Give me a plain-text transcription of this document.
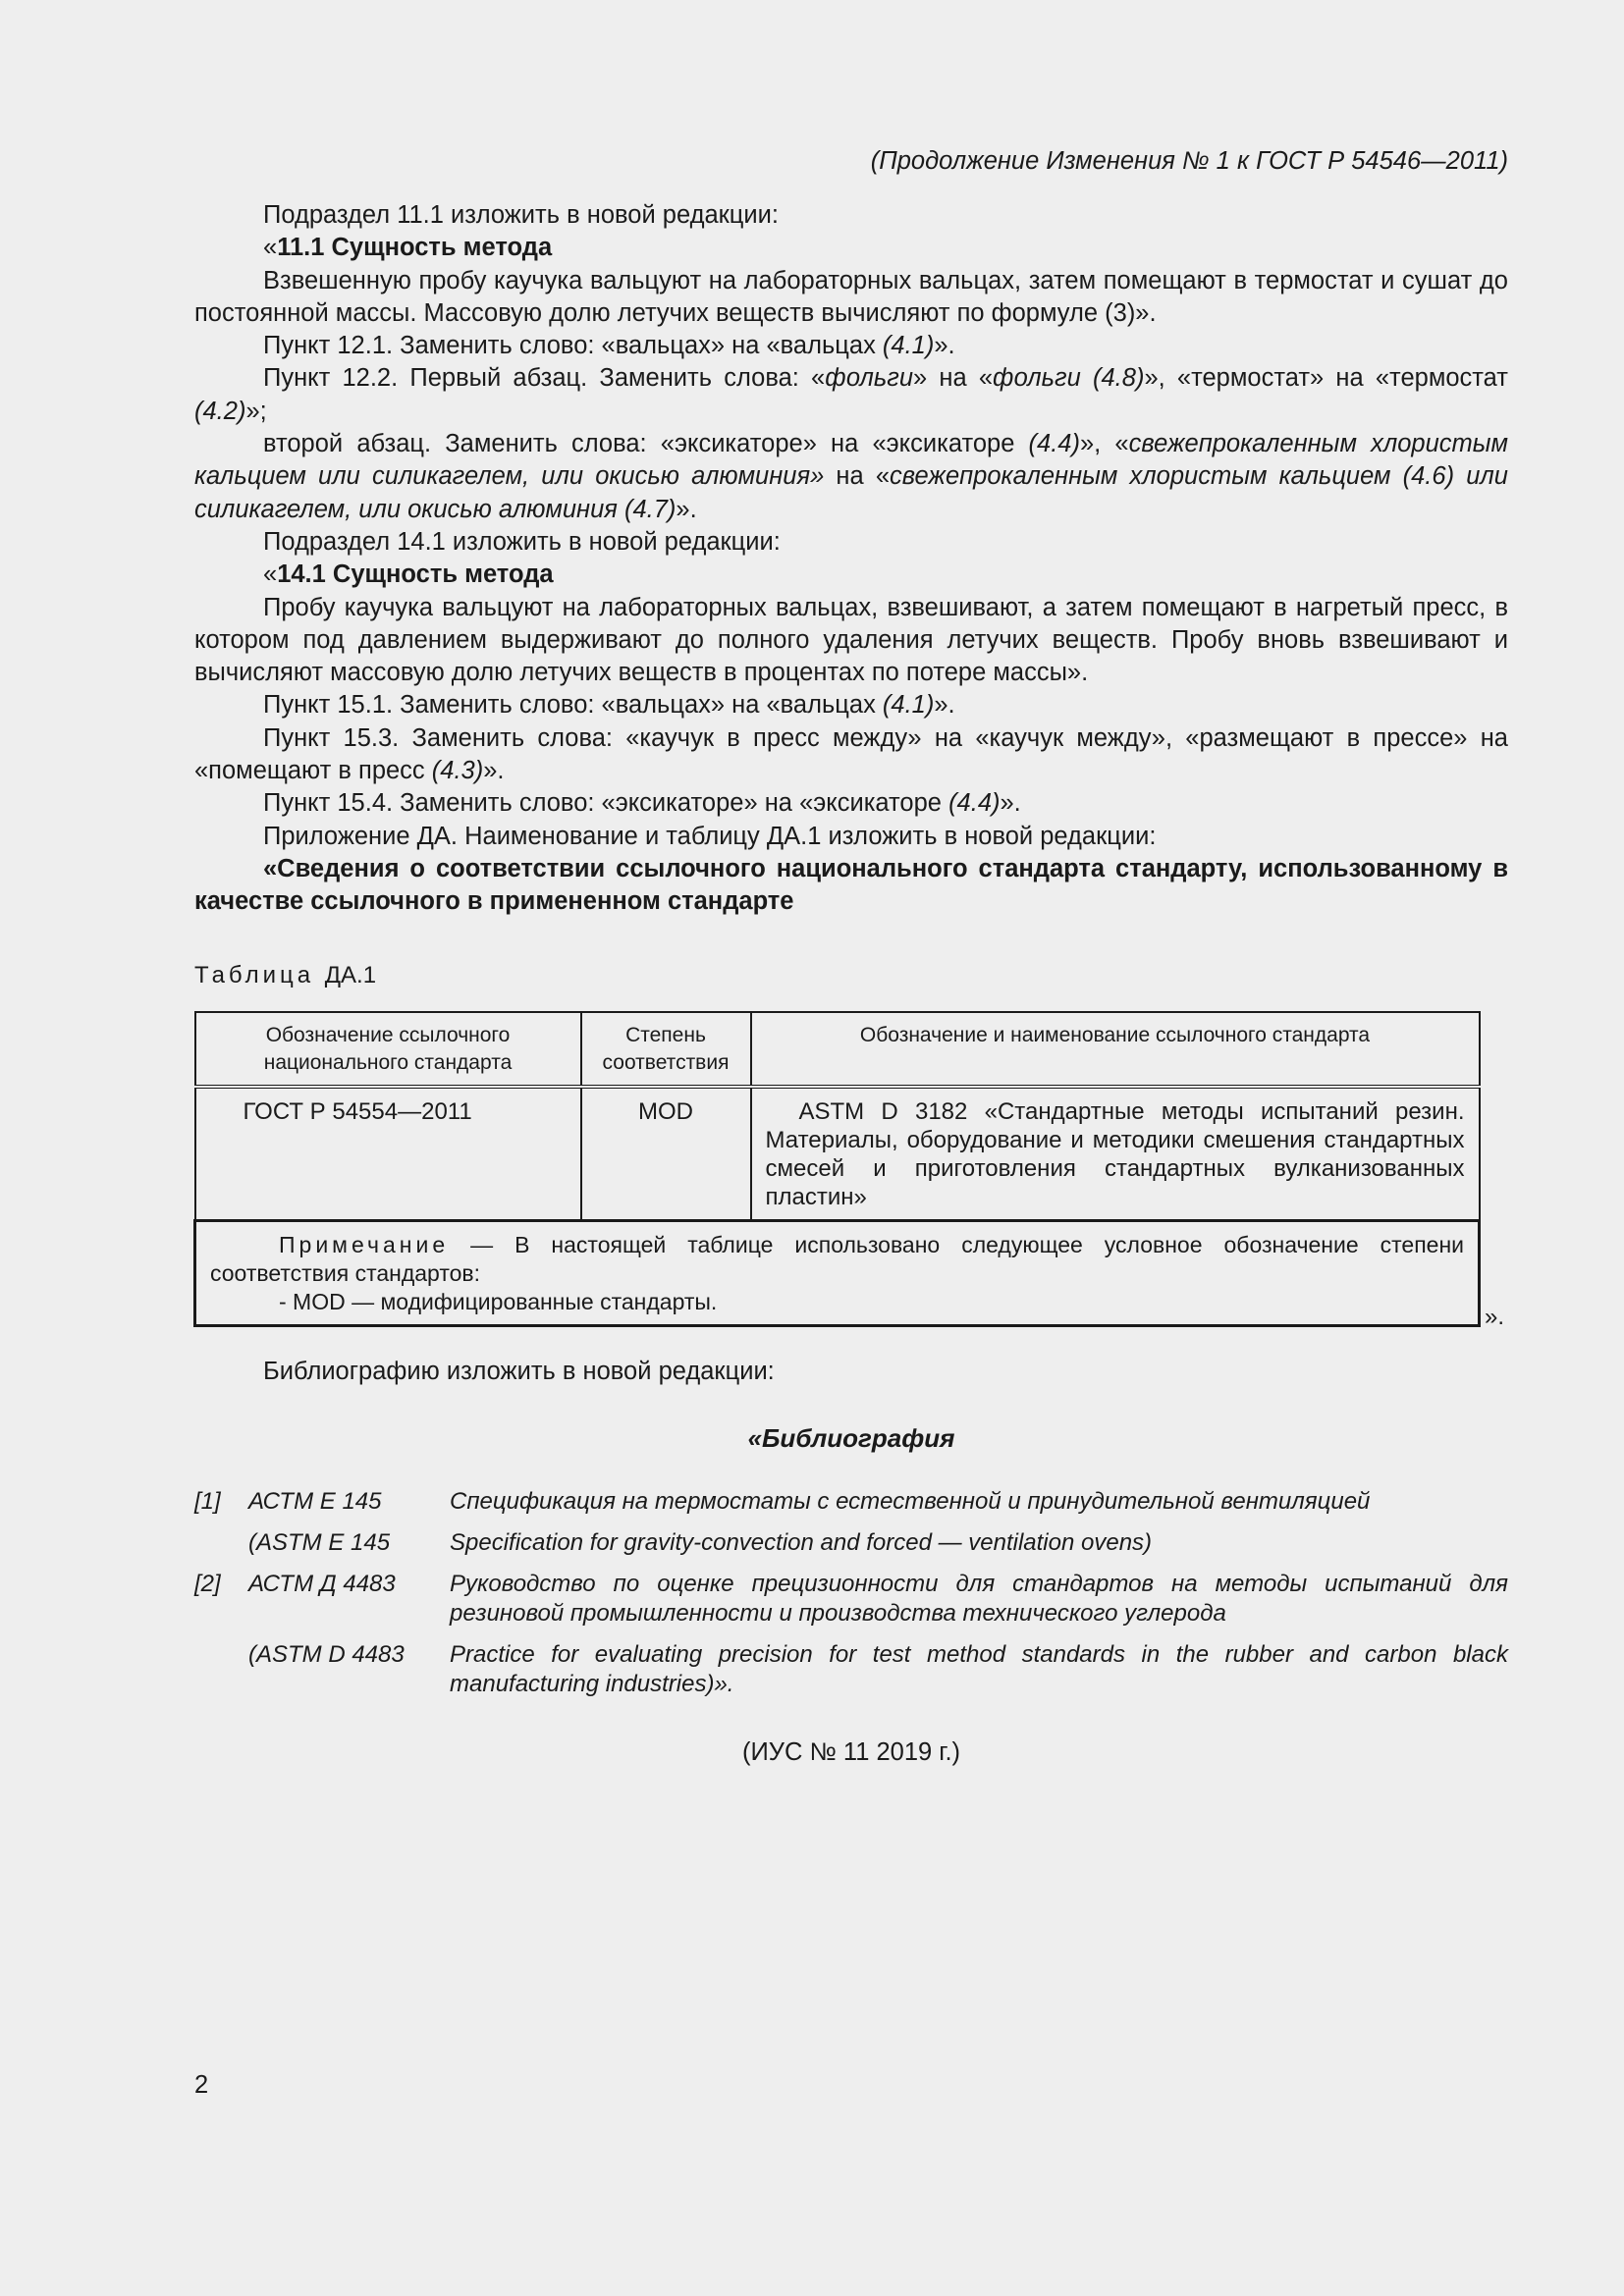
(Продолжение Изменения № 1 к ГОСТ Р 54546—2011)

Подраздел 11.1 изложить в новой редакции:

«11.1 Сущность метода

Взвешенную пробу каучука вальцуют на лабораторных вальцах, затем помещают в термостат и сушат до постоянной массы. Массовую долю летучих веществ вычисляют по формуле (3)».

Пункт 12.1. Заменить слово: «вальцах» на «вальцах (4.1)».

Пункт 12.2. Первый абзац. Заменить слова: «фольги» на «фольги (4.8)», «термостат» на «термостат (4.2)»;

второй абзац. Заменить слова: «эксикаторе» на «эксикаторе (4.4)», «свежепрокаленным хлористым кальцием или силикагелем, или окисью алюминия» на «свежепрокаленным хлористым кальцием (4.6) или силикагелем, или окисью алюминия (4.7)».

Подраздел 14.1 изложить в новой редакции:

«14.1 Сущность метода

Пробу каучука вальцуют на лабораторных вальцах, взвешивают, а затем помещают в нагретый пресс, в котором под давлением выдерживают до полного удаления летучих веществ. Пробу вновь взвешивают и вычисляют массовую долю летучих веществ в процентах по потере массы».

Пункт 15.1. Заменить слово: «вальцах» на «вальцах (4.1)».

Пункт 15.3. Заменить слова: «каучук в пресс между» на «каучук между», «размещают в прессе» на «помещают в пресс (4.3)».

Пункт 15.4. Заменить слово: «эксикаторе» на «эксикаторе (4.4)».

Приложение ДА. Наименование и таблицу ДА.1 изложить в новой редакции:

«Сведения о соответствии ссылочного национального стандарта стандарту, использованному в качестве ссылочного в примененном стандарте

Таблица ДА.1
Обозначение ссылочного национального стандарта	Степень соответствия	Обозначение и наименование ссылочного стандарта
ГОСТ Р 54554—2011	MOD	ASTM D 3182 «Стандартные методы испытаний резин. Материалы, оборудование и методики смешения стандартных смесей и приготовления стандартных вулканизованных пластин»

Примечание — В настоящей таблице использовано следующее условное обозначение степени соответствия стандартов:
- MOD — модифицированные стандарты.		
».
Библиографию изложить в новой редакции:
«Библиография
[1] АСТМ Е 145	Спецификация на термостаты с естественной и принудительной вентиляцией
(ASTM E 145	Specification for gravity-convection and forced — ventilation ovens)
[2] АСТМ Д 4483 Руководство по оценке прецизионности для стандартов на методы испытаний для резиновой промышленности и производства технического углерода
(ASTM D 4483 Practice for evaluating precision for test method standards in the rubber and carbon black manufacturing industries)».
(ИУС № 11 2019 г.)
2
